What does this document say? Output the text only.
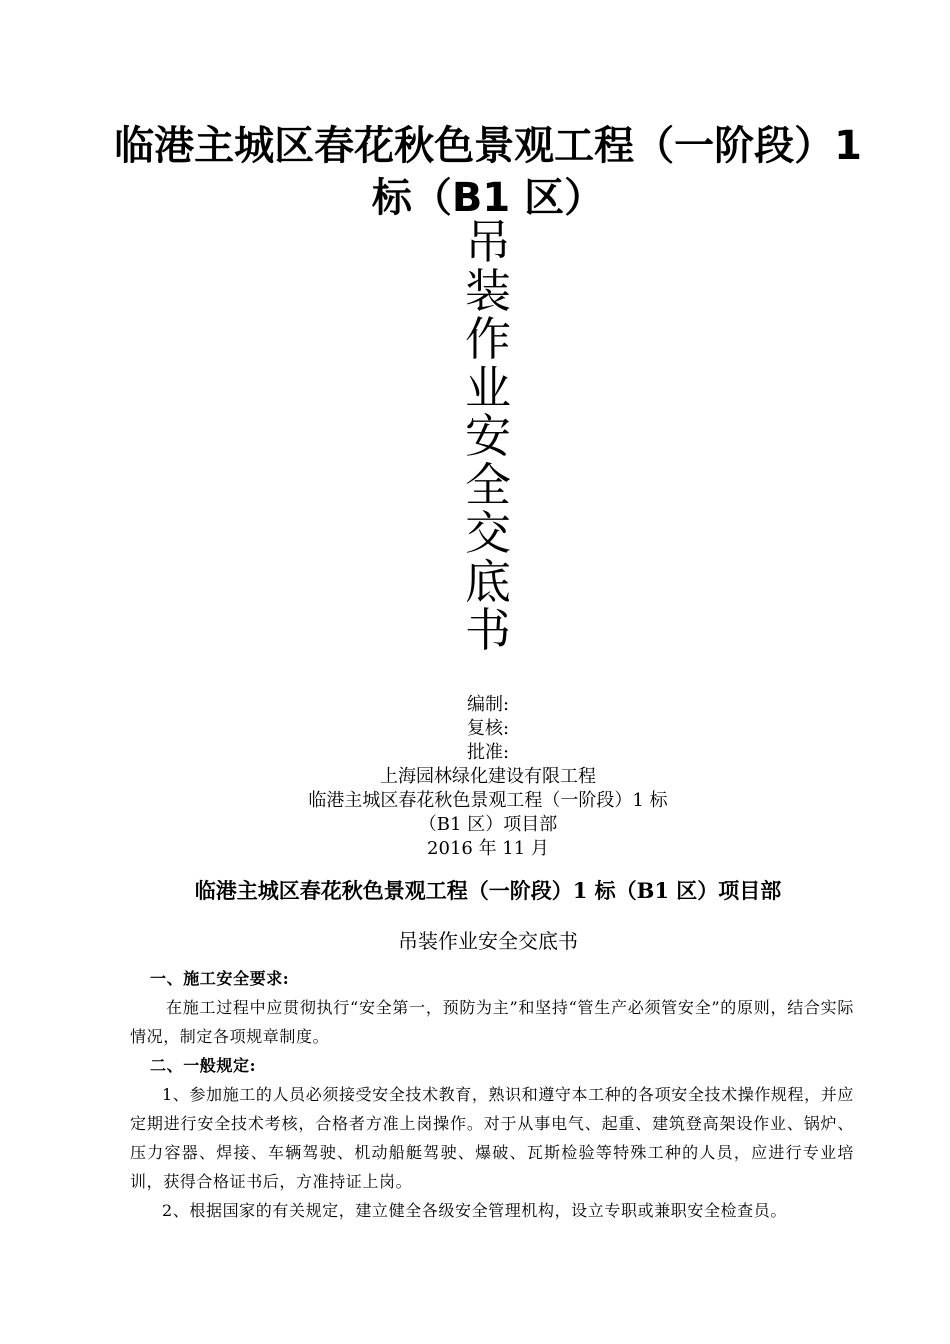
临港主城区春花秋色景观工程（一阶段）1
标（B1 区）
吊
装
作
业
安
全
交
底
书
编制:
复核:
批准:
上海园林绿化建设有限工程
临港主城区春花秋色景观工程（一阶段）1 标
（B1 区）项目部
2016 年 11 月
临港主城区春花秋色景观工程（一阶段）1 标（B1 区）项目部
吊装作业安全交底书

一、施工安全要求:

在施工过程中应贯彻执行“安全第一，预防为主”和坚持“管生产必须管安全”的原则，结合实际情况，制定各项规章制度。

二、一般规定:

1、参加施工的人员必须接受安全技术教育，熟识和遵守本工种的各项安全技术操作规程，并应定期进行安全技术考核，合格者方准上岗操作。对于从事电气、起重、建筑登高架设作业、锅炉、压力容器、焊接、车辆驾驶、机动船艇驾驶、爆破、瓦斯检验等特殊工种的人员，应进行专业培训，获得合格证书后，方准持证上岗。

2、根据国家的有关规定，建立健全各级安全管理机构，设立专职或兼职安全检查员。
